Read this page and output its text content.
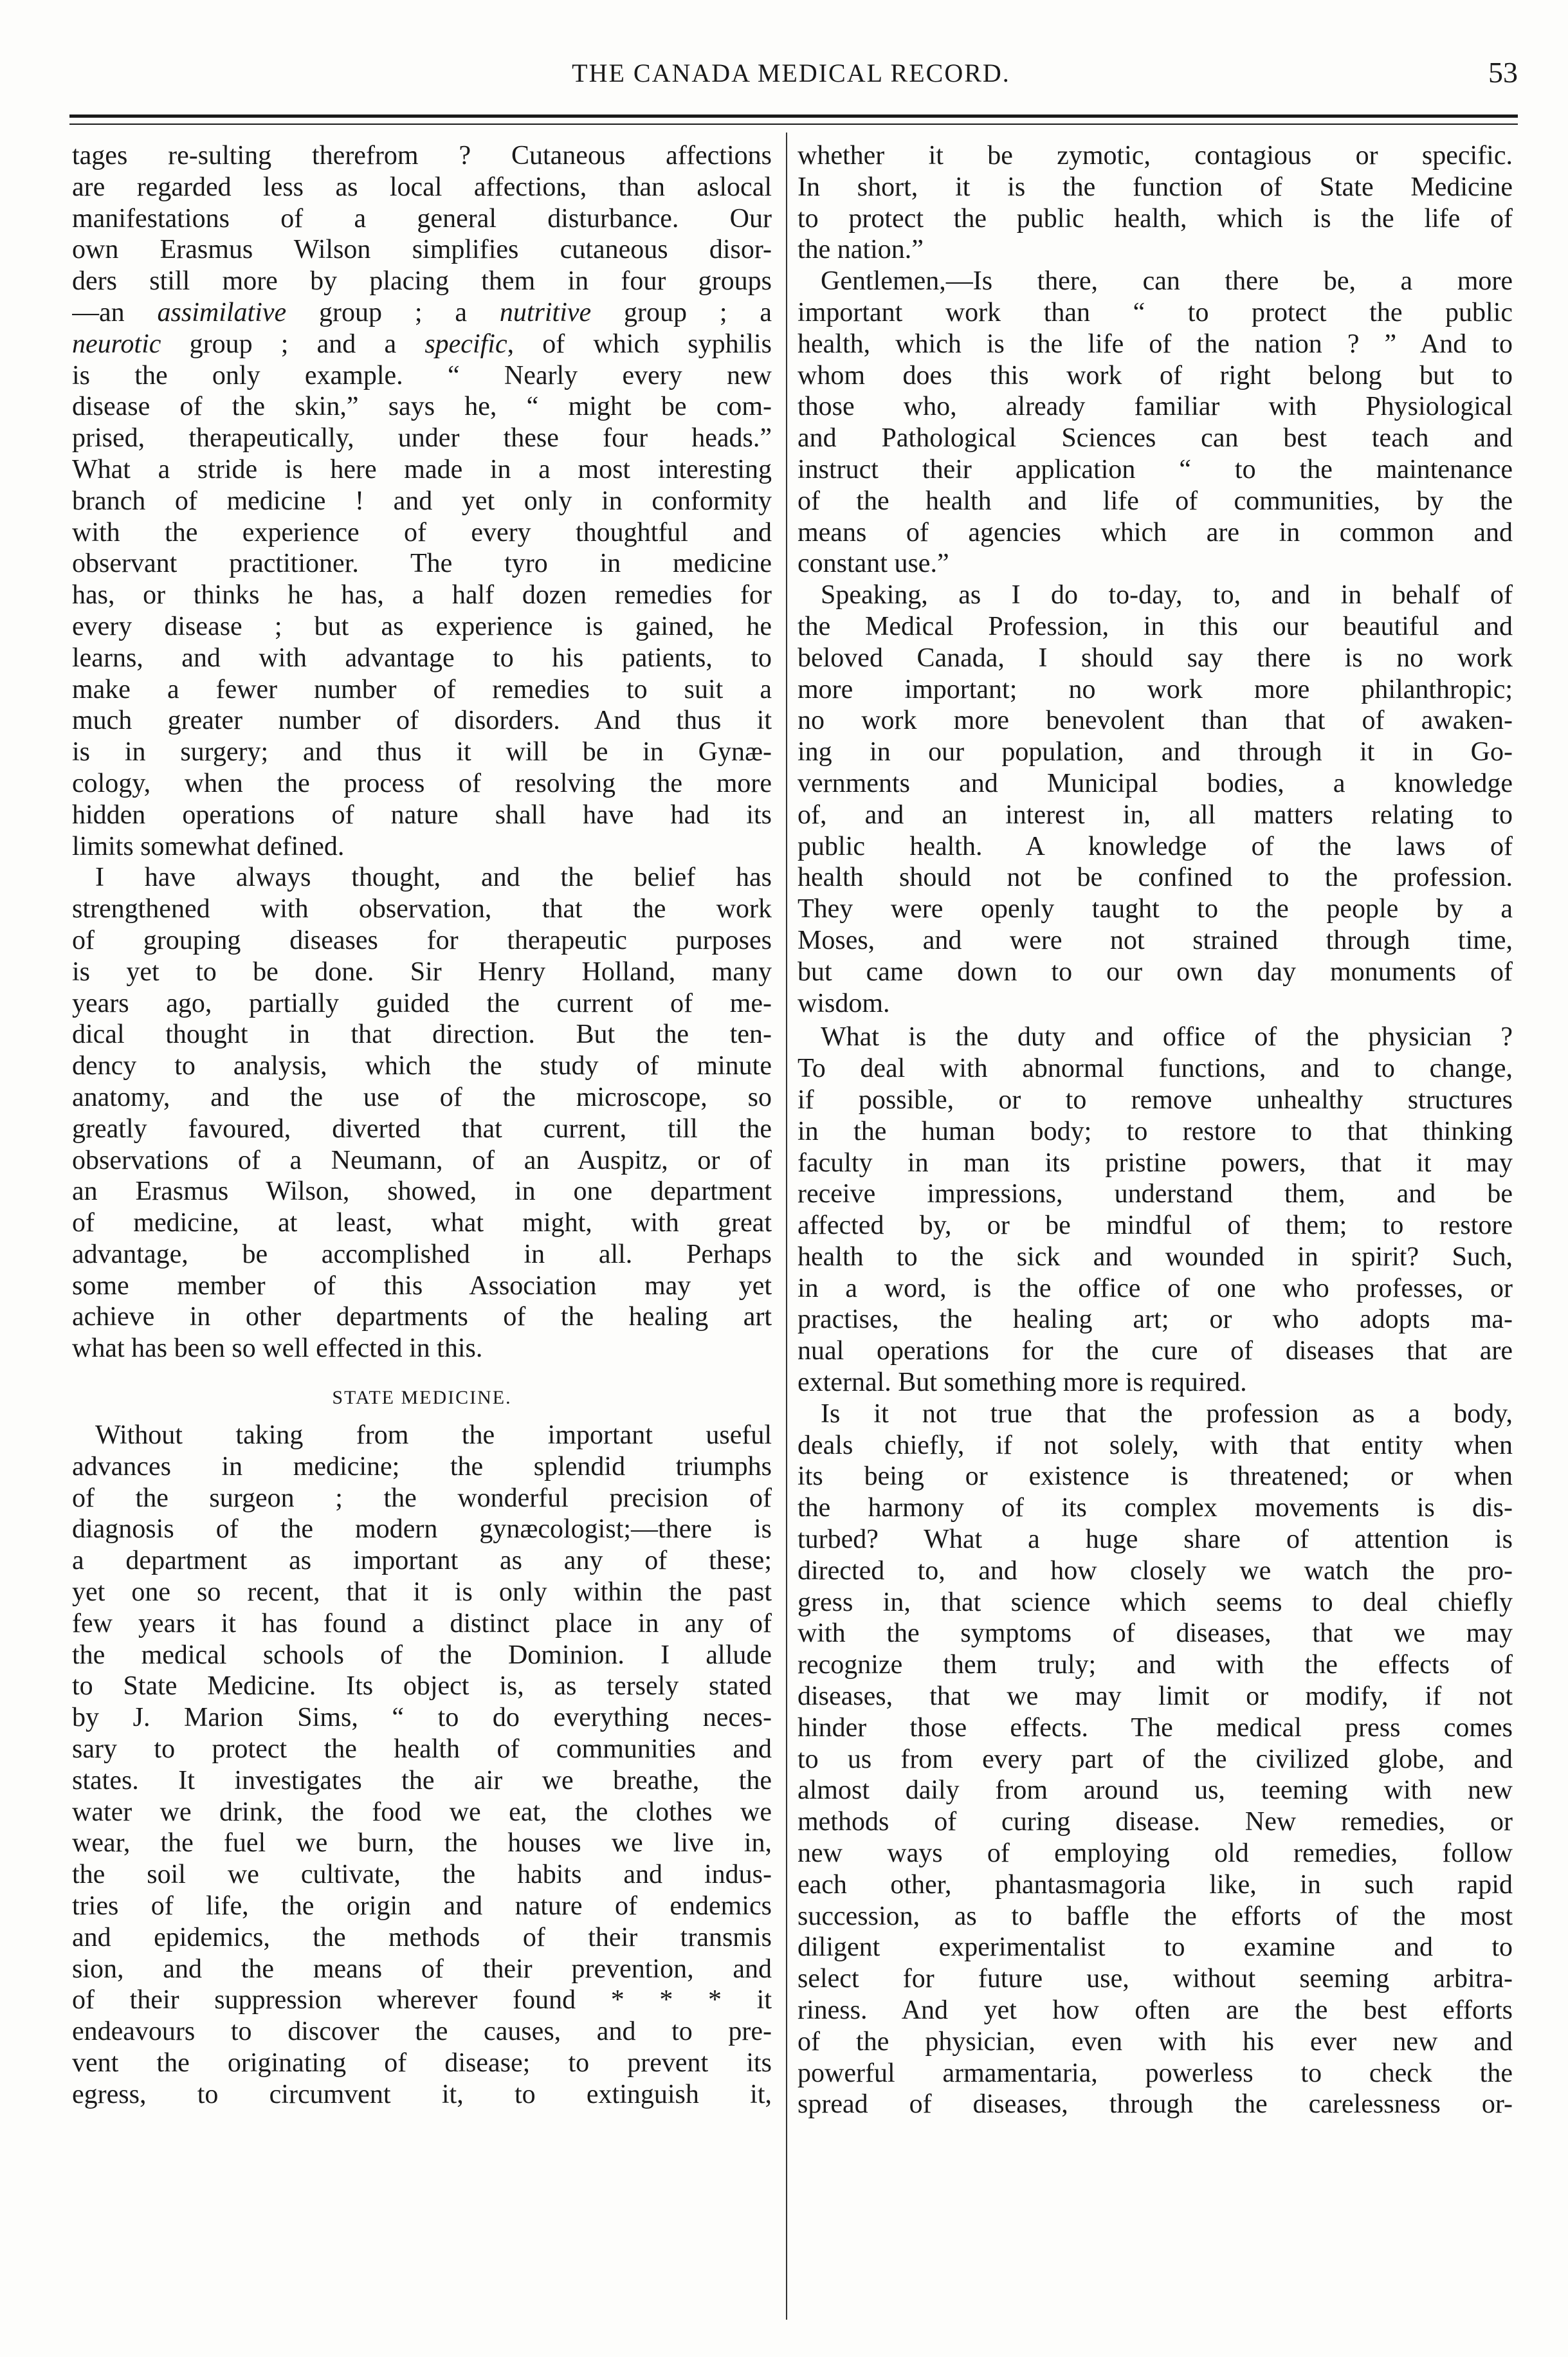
THE CANADA MEDICAL RECORD.	53
tages re-sulting therefrom ? Cutaneous affections
are regarded less as local affections, than aslocal
manifestations of a general disturbance. Our
own Erasmus Wilson simplifies cutaneous disor-
ders still more by placing them in four groups
—an assimilative group ; a nutritive group ; a
neurotic group ; and a specific, of which syphilis
is the only example. “ Nearly every new
disease of the skin,” says he, “ might be com-
prised, therapeutically, under these four heads.”
What a stride is here made in a most interesting
branch of medicine ! and yet only in conformity
with the experience of every thoughtful and
observant practitioner. The tyro in medicine
has, or thinks he has, a half dozen remedies for
every disease ; but as experience is gained, he
learns, and with advantage to his patients, to
make a fewer number of remedies to suit a
much greater number of disorders. And thus it
is in surgery; and thus it will be in Gynæ-
cology, when the process of resolving the more
hidden operations of nature shall have had its
limits somewhat defined.
I have always thought, and the belief has
strengthened with observation, that the work
of grouping diseases for therapeutic purposes
is yet to be done. Sir Henry Holland, many
years ago, partially guided the current of me-
dical thought in that direction. But the ten-
dency to analysis, which the study of minute
anatomy, and the use of the microscope, so
greatly favoured, diverted that current, till the
observations of a Neumann, of an Auspitz, or of
an Erasmus Wilson, showed, in one department
of medicine, at least, what might, with great
advantage, be accomplished in all. Perhaps
some member of this Association may yet
achieve in other departments of the healing art
what has been so well effected in this.
STATE MEDICINE.
Without taking from the important useful
advances in medicine; the splendid triumphs
of the surgeon ; the wonderful precision of
diagnosis of the modern gynæcologist;—there is
a department as important as any of these;
yet one so recent, that it is only within the past
few years it has found a distinct place in any of
the medical schools of the Dominion. I allude
to State Medicine. Its object is, as tersely stated
by J. Marion Sims, “ to do everything neces-
sary to protect the health of communities and
states. It investigates the air we breathe, the
water we drink, the food we eat, the clothes we
wear, the fuel we burn, the houses we live in,
the soil we cultivate, the habits and indus-
tries of life, the origin and nature of endemics
and epidemics, the methods of their transmis
sion, and the means of their prevention, and
of their suppression wherever found * * * it
endeavours to discover the causes, and to pre-
vent the originating of disease; to prevent its
egress, to circumvent it, to extinguish it,
whether it be zymotic, contagious or specific.
In short, it is the function of State Medicine
to protect the public health, which is the life of
the nation.”
Gentlemen,—Is there, can there be, a more
important work than “ to protect the public
health, which is the life of the nation ? ” And to
whom does this work of right belong but to
those who, already familiar with Physiological
and Pathological Sciences can best teach and
instruct their application “ to the maintenance
of the health and life of communities, by the
means of agencies which are in common and
constant use.”
Speaking, as I do to-day, to, and in behalf of
the Medical Profession, in this our beautiful and
beloved Canada, I should say there is no work
more important; no work more philanthropic;
no work more benevolent than that of awaken-
ing in our population, and through it in Go-
vernments and Municipal bodies, a knowledge
of, and an interest in, all matters relating to
public health. A knowledge of the laws of
health should not be confined to the profession.
They were openly taught to the people by a
Moses, and were not strained through time,
but came down to our own day monuments of
wisdom.
What is the duty and office of the physician ?
To deal with abnormal functions, and to change,
if possible, or to remove unhealthy structures
in the human body; to restore to that thinking
faculty in man its pristine powers, that it may
receive impressions, understand them, and be
affected by, or be mindful of them; to restore
health to the sick and wounded in spirit? Such,
in a word, is the office of one who professes, or
practises, the healing art; or who adopts ma-
nual operations for the cure of diseases that are
external. But something more is required.
Is it not true that the profession as a body,
deals chiefly, if not solely, with that entity when
its being or existence is threatened; or when
the harmony of its complex movements is dis-
turbed? What a huge share of attention is
directed to, and how closely we watch the pro-
gress in, that science which seems to deal chiefly
with the symptoms of diseases, that we may
recognize them truly; and with the effects of
diseases, that we may limit or modify, if not
hinder those effects. The medical press comes
to us from every part of the civilized globe, and
almost daily from around us, teeming with new
methods of curing disease. New remedies, or
new ways of employing old remedies, follow
each other, phantasmagoria like, in such rapid
succession, as to baffle the efforts of the most
diligent experimentalist to examine and to
select for future use, without seeming arbitra-
riness. And yet how often are the best efforts
of the physician, even with his ever new and
powerful armamentaria, powerless to check the
spread of diseases, through the carelessness or-
